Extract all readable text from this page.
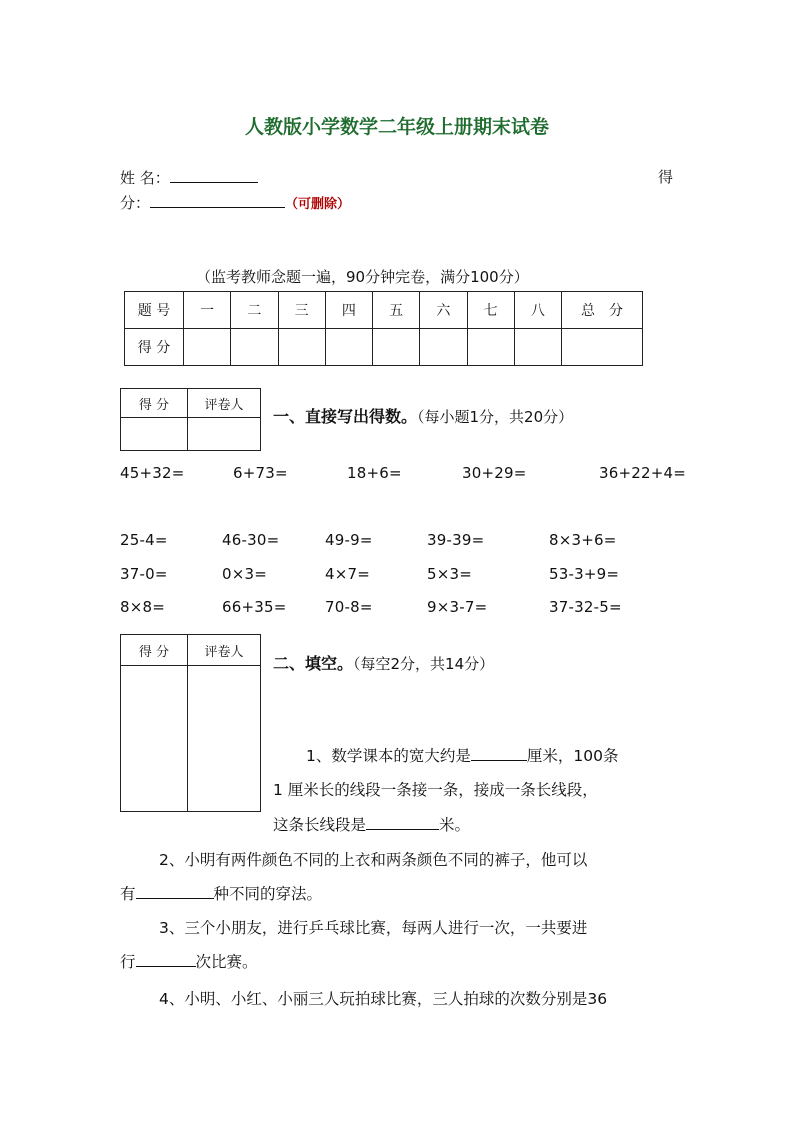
人教版小学数学二年级上册期末试卷
姓 名：	得
分：	（可删除）
（监考教师念题一遍，90分钟完卷，满分100分）
题 号	一	二	三	四	五	六	七	八	总　分
得 分									
得 分	评卷人

一、直接写出得数。（每小题1分，共20分）
45+32=	6+73=	18+6=	30+29=	36+22+4=
25-4=	46-30=	49-9=	39-39=	8×3+6=
37-0=	0×3=	4×7=	5×3=	53-3+9=
8×8=	66+35=	70-8=	9×3-7=	37-32-5=
得 分	评卷人

二、填空。（每空2分，共14分）
1、数学课本的宽大约是	厘米，100条
1 厘米长的线段一条接一条，接成一条长线段，
这条长线段是	米。
2、小明有两件颜色不同的上衣和两条颜色不同的裤子，他可以
有	种不同的穿法。
3、三个小朋友，进行乒乓球比赛，每两人进行一次，一共要进
行	次比赛。
4、小明、小红、小丽三人玩拍球比赛，三人拍球的次数分别是36
